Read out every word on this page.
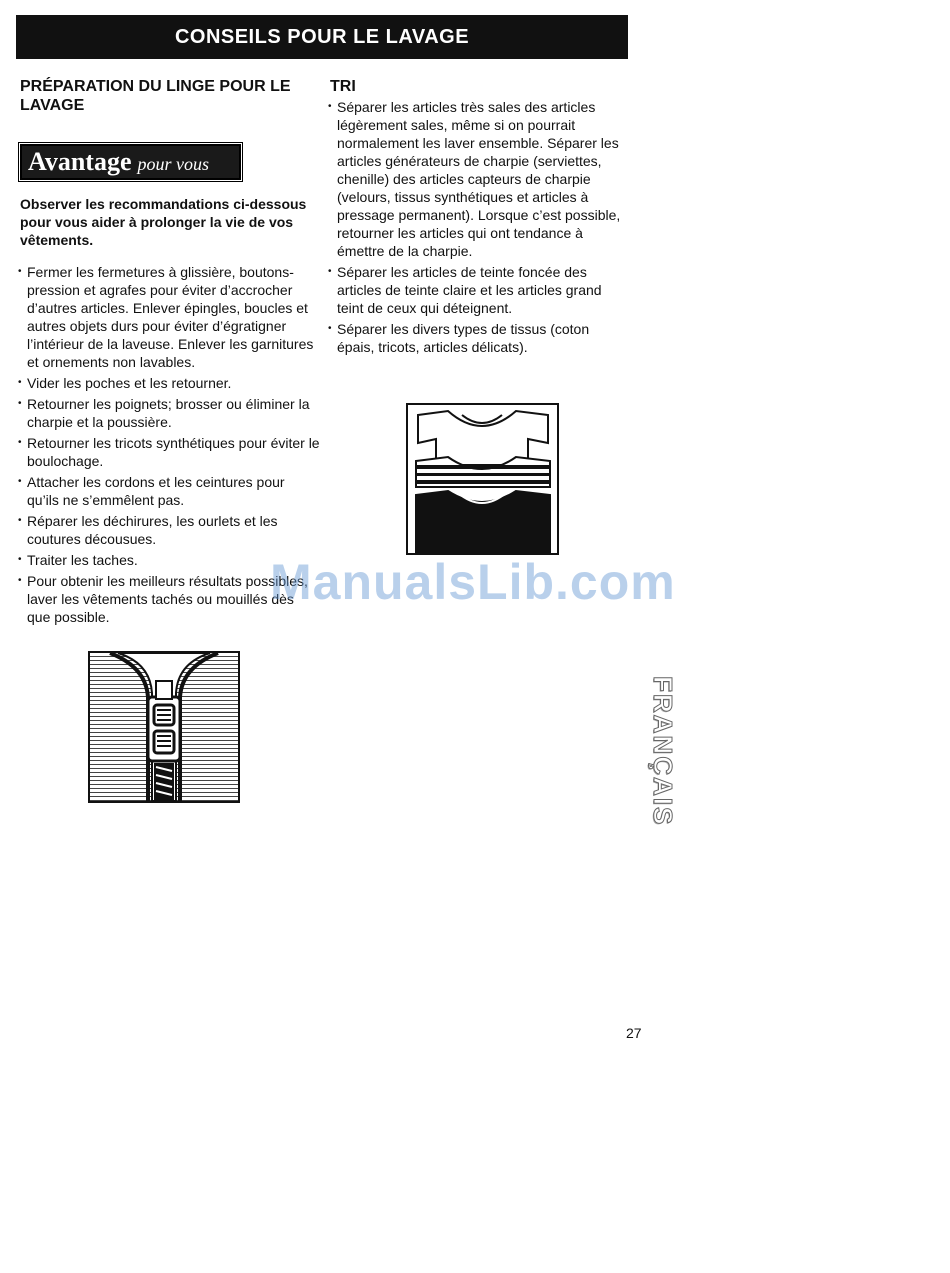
CONSEILS POUR LE LAVAGE
PRÉPARATION DU LINGE POUR LE LAVAGE
Avantage pour vous
Observer les recommandations ci-dessous pour vous aider à prolonger la vie de vos vêtements.
• Fermer les fermetures à glissière, boutons-pression et agrafes pour éviter d’accrocher d’autres articles. Enlever épingles, boucles et autres objets durs pour éviter d’égratigner l’intérieur de la laveuse. Enlever les garnitures et ornements non lavables.
• Vider les poches et les retourner.
• Retourner les poignets; brosser ou éliminer la charpie et la poussière.
• Retourner les tricots synthétiques pour éviter le boulochage.
• Attacher les cordons et les ceintures pour qu’ils ne s’emmêlent pas.
• Réparer les déchirures, les ourlets et les coutures décousues.
• Traiter les taches.
• Pour obtenir les meilleurs résultats possibles, laver les vêtements tachés ou mouillés dès que possible.
TRI
• Séparer les articles très sales des articles légèrement sales, même si on pourrait normalement les laver ensemble. Séparer les articles générateurs de charpie (serviettes, chenille) des articles capteurs de charpie (velours, tissus synthétiques et articles à pressage permanent). Lorsque c’est possible, retourner les articles qui ont tendance à émettre de la charpie.
• Séparer les articles de teinte foncée des articles de teinte claire et les articles grand teint de ceux qui déteignent.
• Séparer les divers types de tissus (coton épais, tricots, articles délicats).
ManualsLib.com
FRANÇAIS
27
